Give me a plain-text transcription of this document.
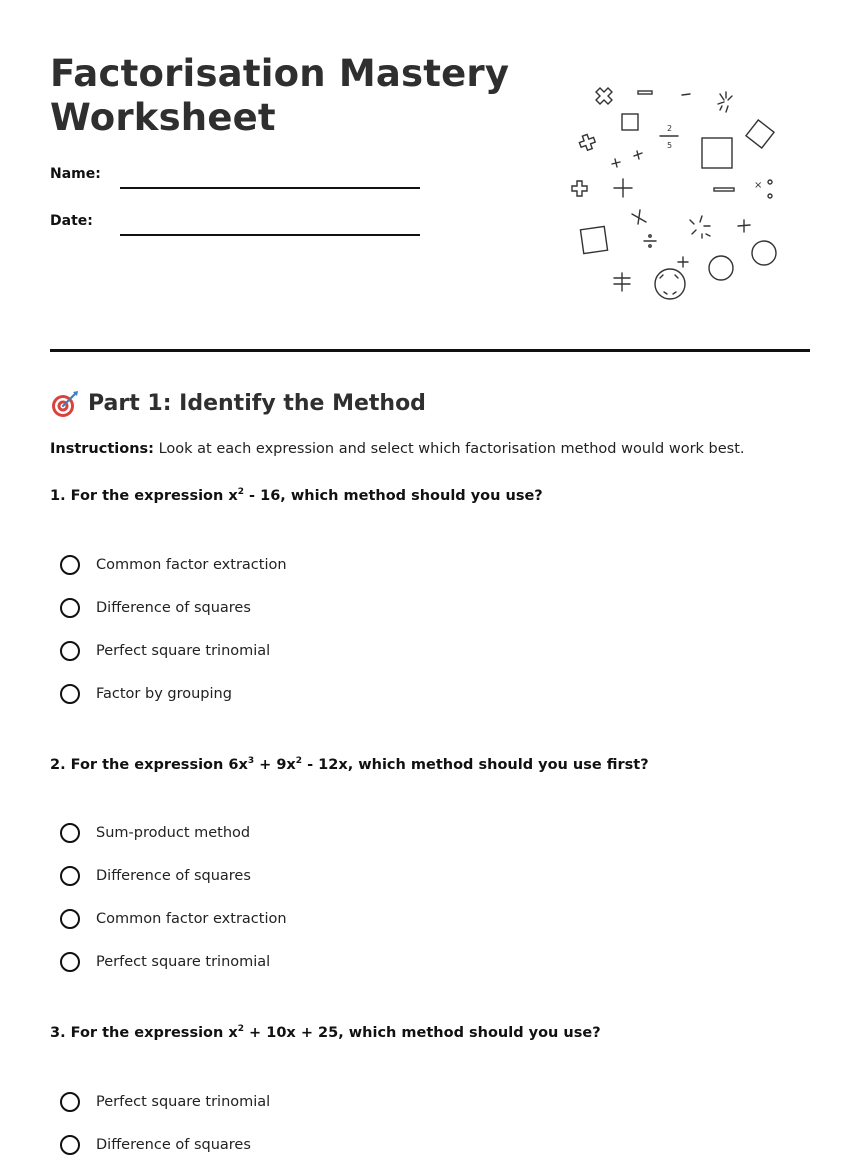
Factorisation Mastery
Worksheet
Name:
Date:
2
5
×
Part 1: Identify the Method
Instructions: Look at each expression and select which factorisation method would work best.
1. For the expression $x^2 - 16$, which method should you use?
Common factor extraction
Difference of squares
Perfect square trinomial
Factor by grouping
2. For the expression $6x^3 + 9x^2 - 12x$, which method should you use first?
Sum-product method
Difference of squares
Common factor extraction
Perfect square trinomial
3. For the expression $x^2 + 10x + 25$, which method should you use?
Perfect square trinomial
Difference of squares
